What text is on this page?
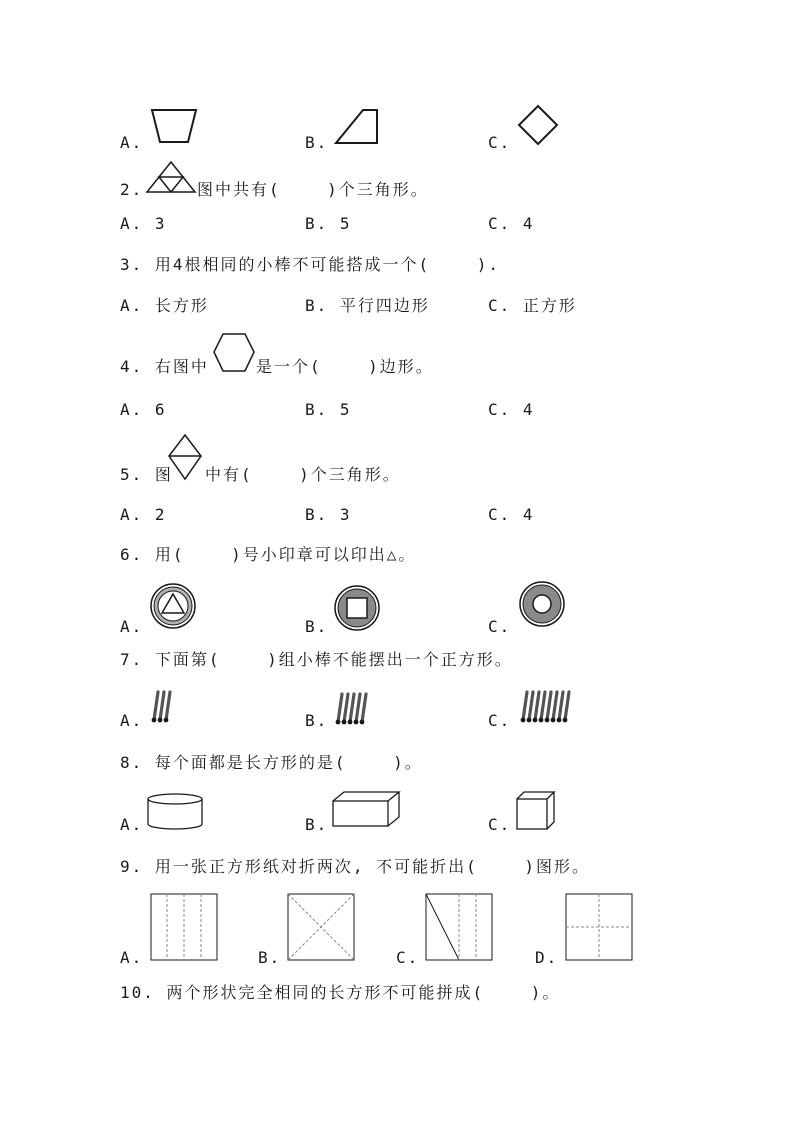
A.	B.	C.
2.	图中共有(    )个三角形。
A. 3	B. 5	C. 4
3. 用4根相同的小棒不可能搭成一个(    ).
A. 长方形	B. 平行四边形	C. 正方形
4. 右图中	是一个(    )边形。
A. 6	B. 5	C. 4
5. 图 中有(    )个三角形。
A. 2	B. 3	C. 4
6. 用(    )号小印章可以印出△。
A.	B.	C.
7. 下面第(    )组小棒不能摆出一个正方形。
A.	B.	C.
8. 每个面都是长方形的是(    )。
A.	B.	C.
9. 用一张正方形纸对折两次, 不可能折出(    )图形。
A.	B.	C.	D.
10. 两个形状完全相同的长方形不可能拼成(    )。
